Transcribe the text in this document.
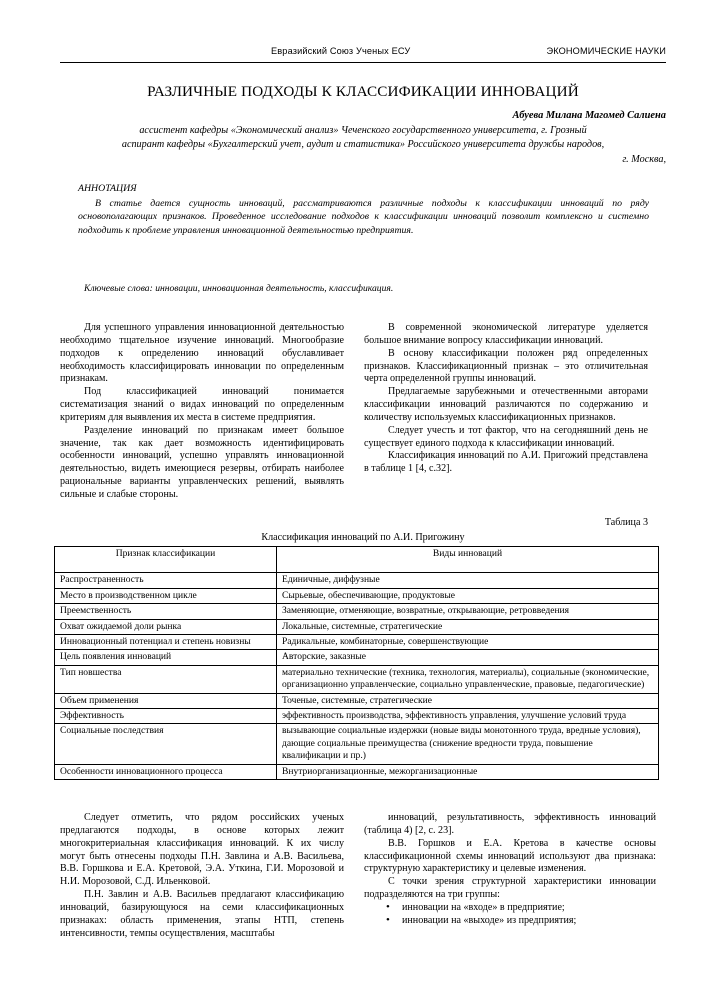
Евразийский Союз Ученых ЕСУ	ЭКОНОМИЧЕСКИЕ НАУКИ
РАЗЛИЧНЫЕ ПОДХОДЫ К КЛАССИФИКАЦИИ ИННОВАЦИЙ
Абуева Милана Магомед Салиена
ассистент кафедры «Экономический анализ» Чеченского государственного университета, г. Грозный
аспирант кафедры «Бухгалтерский учет, аудит и статистика» Российского университета дружбы народов,
г. Москва,
АННОТАЦИЯ
В статье дается сущность инноваций, рассматриваются различные подходы к классификации инноваций по ряду основополагающих признаков. Проведенное исследование подходов к классификации инноваций позволит комплексно и системно подходить к проблеме управления инновационной деятельностью предприятия.
Ключевые слова: инновации, инновационная деятельность, классификация.

Для успешного управления инновационной деятельностью необходимо тщательное изучение инноваций. Многообразие подходов к определению инноваций обуславливает необходимость классифицировать инновации по определенным признакам.

Под классификацией инноваций понимается систематизация знаний о видах инноваций по определенным критериям для выявления их места в системе предприятия.

Разделение инноваций по признакам имеет большое значение, так как дает возможность идентифицировать особенности инноваций, успешно управлять инновационной деятельностью, видеть имеющиеся резервы, отбирать наиболее рациональные варианты управленческих решений, выявлять сильные и слабые стороны.

В современной экономической литературе уделяется большое внимание вопросу классификации инноваций.

В основу классификации положен ряд определенных признаков. Классификационный признак – это отличительная черта определенной группы инноваций.

Предлагаемые зарубежными и отечественными авторами классификации инноваций различаются по содержанию и количеству используемых классификационных признаков.

Следует учесть и тот фактор, что на сегодняшний день не существует единого подхода к классификации инноваций.

Классификация инноваций по А.И. Пригожий представлена в таблице 1 [4, с.32].

Таблица 3
Классификация инноваций по А.И. Пригожину
Признак классификации	Виды инноваций
Распространенность	Единичные, диффузные
Место в производственном цикле	Сырьевые, обеспечивающие, продуктовые
Преемственность	Заменяющие, отменяющие, возвратные, открывающие, ретровведения
Охват ожидаемой доли рынка	Локальные, системные, стратегические
Инновационный потенциал и степень новизны	Радикальные, комбинаторные, совершенствующие
Цель появления инноваций	Авторские, заказные
Тип новшества	материально технические (техника, технология, материалы), социальные (экономические, организационно управленческие, социально управленческие, правовые, педагогические)
Объем применения	Точеные, системные, стратегические
Эффективность	эффективность производства, эффективность управления, улучшение условий труда
Социальные последствия	вызывающие социальные издержки (новые виды монотонного труда, вредные условия), дающие социальные преимущества (снижение вредности труда, повышение квалификации и пр.)
Особенности инновационного процесса	Внутриорганизационные, межорганизационные

Следует отметить, что рядом российских ученых предлагаются подходы, в основе которых лежит многокритериальная классификация инноваций. К их числу могут быть отнесены подходы П.Н. Завлина и А.В. Васильева, В.В. Горшкова и Е.А. Кретовой, Э.А. Уткина, Г.И. Морозовой и Н.И. Морозовой, С.Д. Ильенковой.

П.Н. Завлин и А.В. Васильев предлагают классификацию инноваций, базирующуюся на семи классификационных признаках: область применения, этапы НТП, степень интенсивности, темпы осуществления, масштабы

инноваций, результативность, эффективность инноваций (таблица 4) [2, с. 23].

В.В. Горшков и Е.А. Кретова в качестве основы классификационной схемы инноваций используют два признака: структурную характеристику и целевые изменения.

С точки зрения структурной характеристики инновации подразделяются на три группы:

• инновации на «входе» в предприятие;
• инновации на «выходе» из предприятия;
